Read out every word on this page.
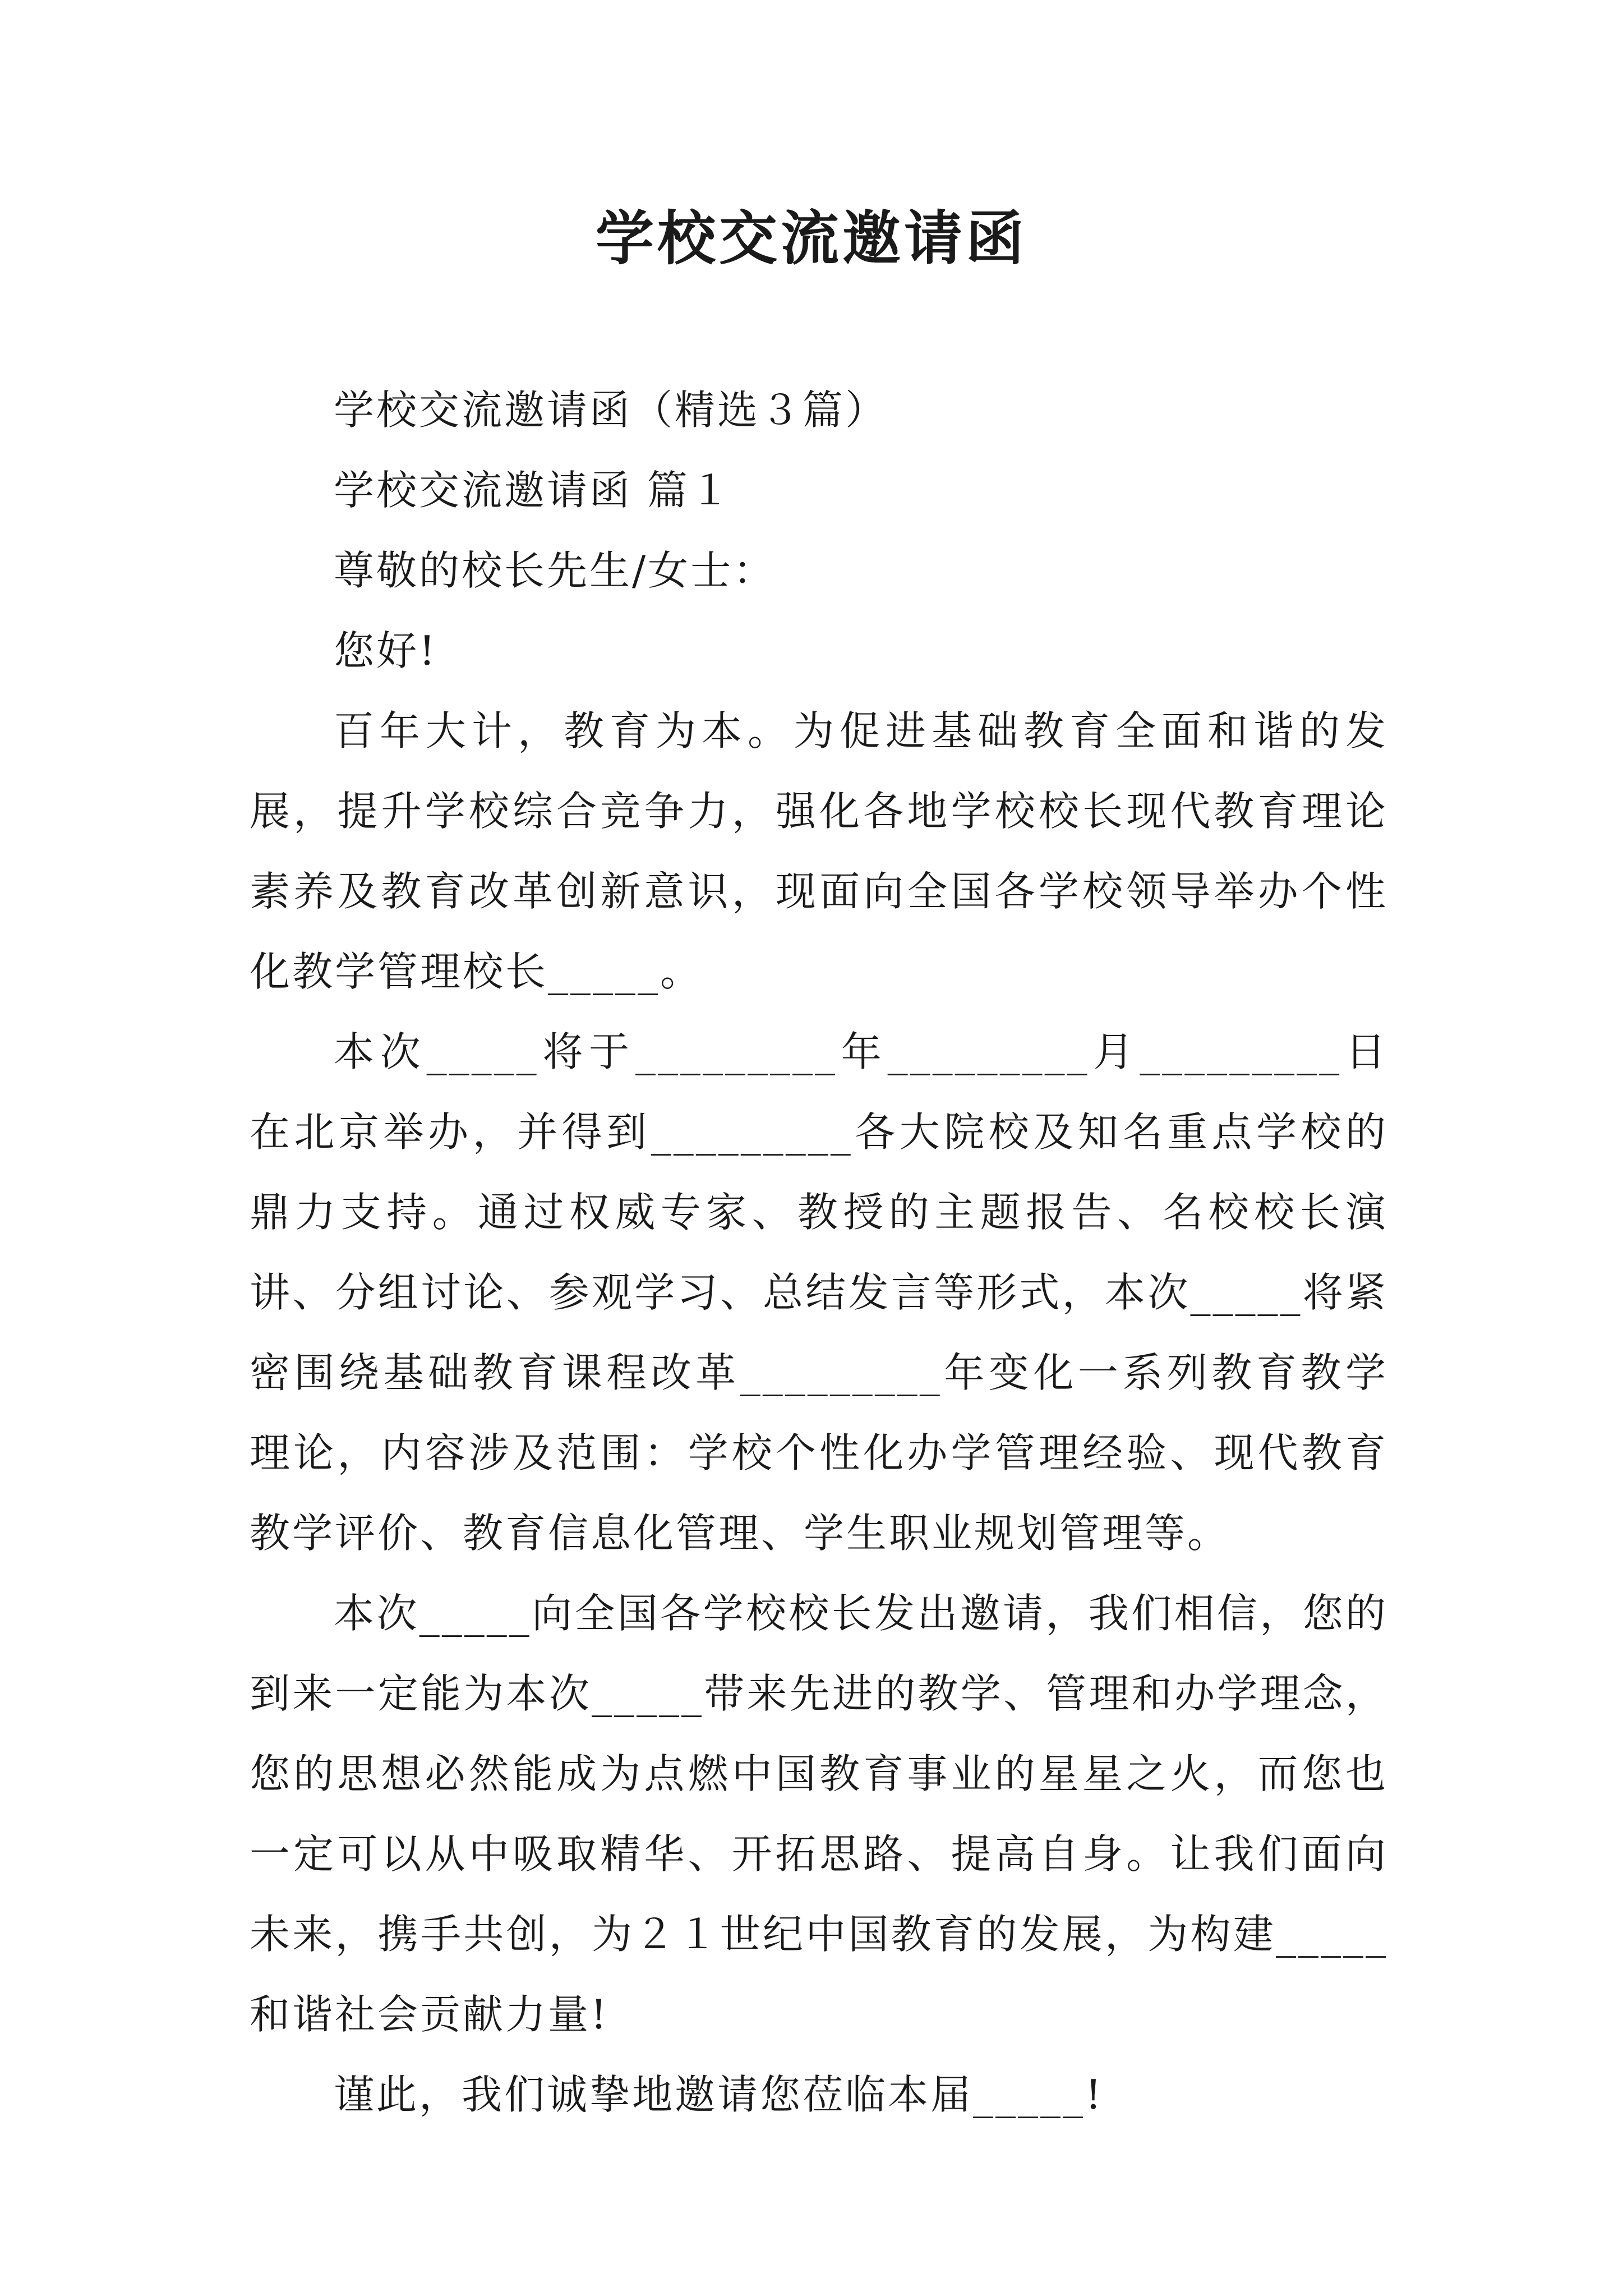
学校交流邀请函

学校交流邀请函（精选３篇）

学校交流邀请函 篇１

尊敬的校长先生/女士：

您好!

百年大计，教育为本。为促进基础教育全面和谐的发展，提升学校综合竞争力，强化各地学校校长现代教育理论素养及教育改革创新意识，现面向全国各学校领导举办个性化教学管理校长_____。

本次_____将于_________年_________月_________日在北京举办，并得到_________各大院校及知名重点学校的鼎力支持。通过权威专家、教授的主题报告、名校校长演讲、分组讨论、参观学习、总结发言等形式，本次_____将紧密围绕基础教育课程改革_________年变化一系列教育教学理论，内容涉及范围：学校个性化办学管理经验、现代教育教学评价、教育信息化管理、学生职业规划管理等。

本次_____向全国各学校校长发出邀请，我们相信，您的到来一定能为本次_____带来先进的教学、管理和办学理念，您的思想必然能成为点燃中国教育事业的星星之火，而您也一定可以从中吸取精华、开拓思路、提高自身。让我们面向未来，携手共创，为２１世纪中国教育的发展，为构建_____和谐社会贡献力量!

谨此，我们诚挚地邀请您莅临本届_____!
